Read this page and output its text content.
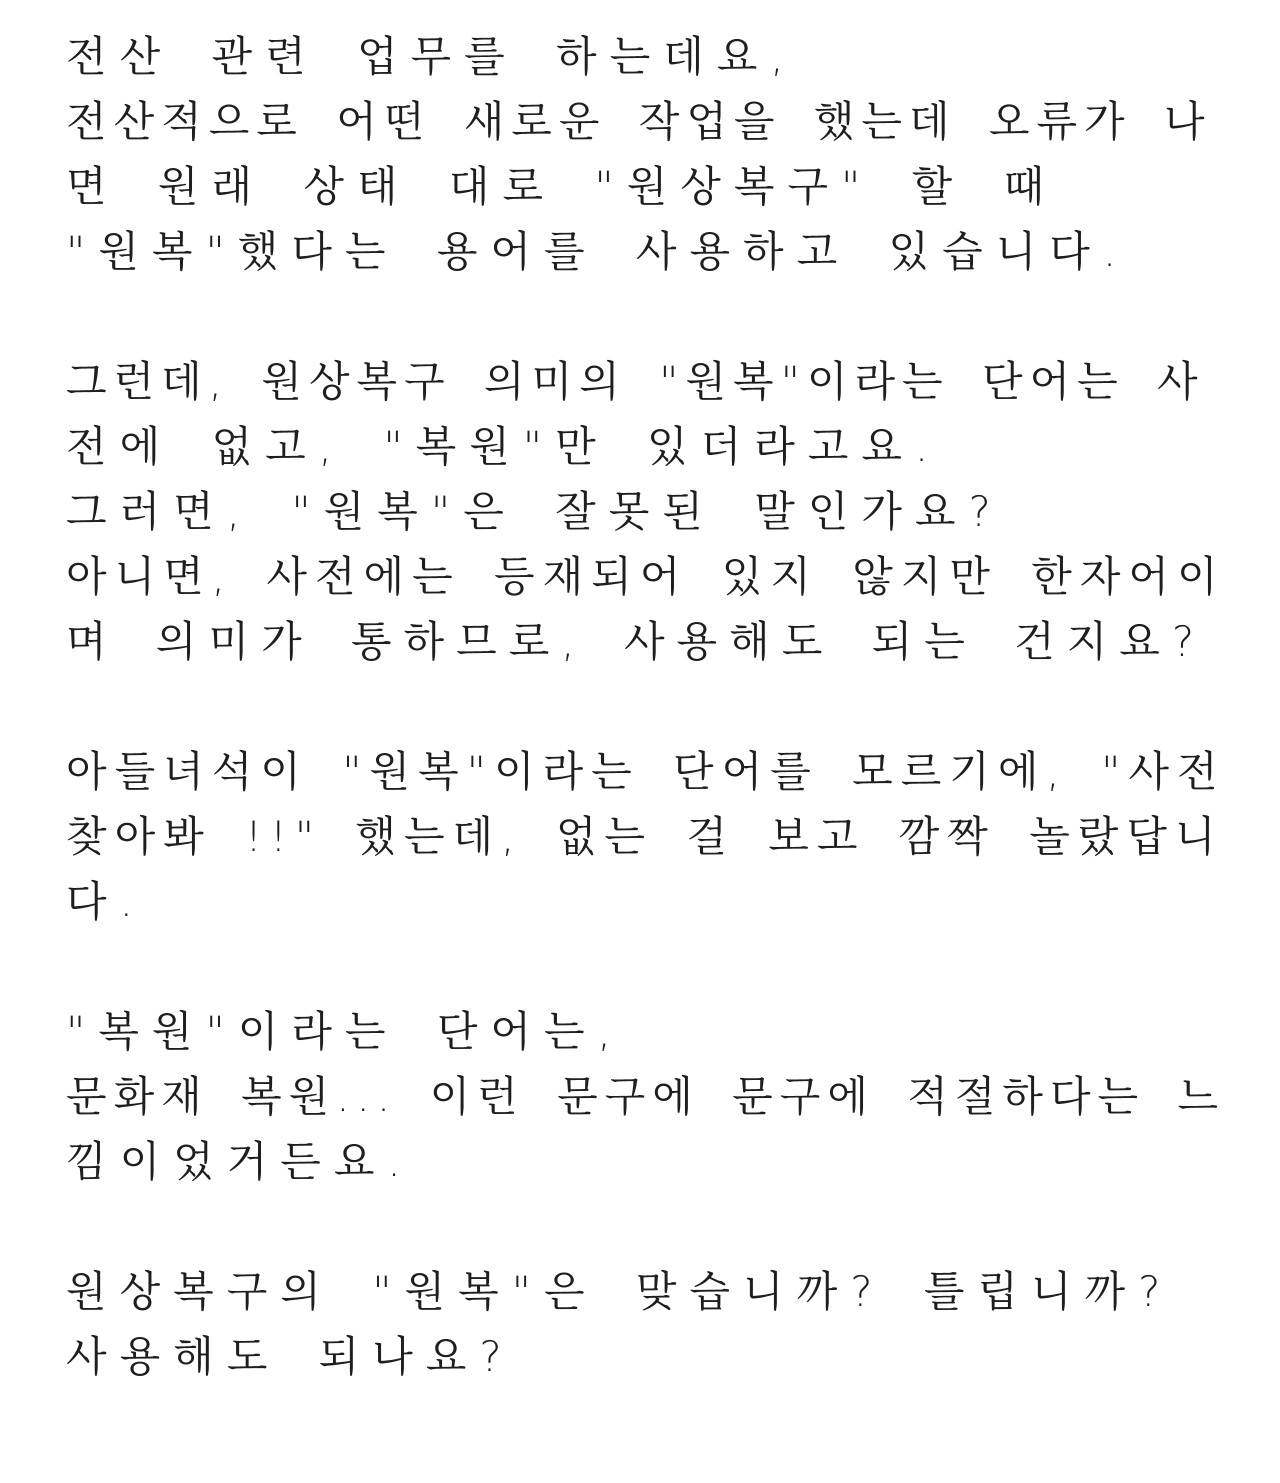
전산 관련 업무를 하는데요,
전산적으로 어떤 새로운 작업을 했는데 오류가 나
면 원래 상태 대로 "원상복구" 할 때
"원복"했다는 용어를 사용하고 있습니다.
그런데, 원상복구 의미의 "원복"이라는 단어는 사
전에 없고, "복원"만 있더라고요.
그러면, "원복"은 잘못된 말인가요?
아니면, 사전에는 등재되어 있지 않지만 한자어이
며 의미가 통하므로, 사용해도 되는 건지요?
아들녀석이 "원복"이라는 단어를 모르기에, "사전
찾아봐 !!" 했는데, 없는 걸 보고 깜짝 놀랐답니
다.
"복원"이라는 단어는,
문화재 복원... 이런 문구에 문구에 적절하다는 느
낌이었거든요.
원상복구의 "원복"은 맞습니까? 틀립니까?
사용해도 되나요?
